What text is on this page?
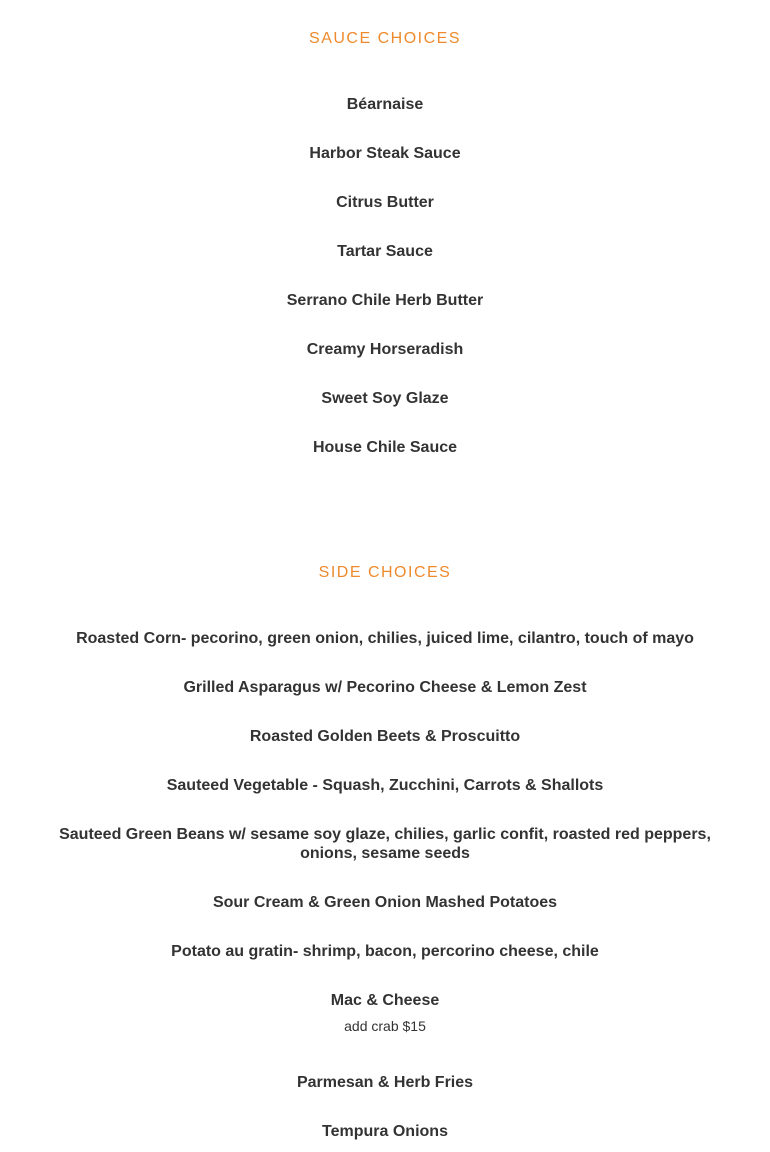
SAUCE CHOICES
Béarnaise
Harbor Steak Sauce
Citrus Butter
Tartar Sauce
Serrano Chile Herb Butter
Creamy Horseradish
Sweet Soy Glaze
House Chile Sauce
SIDE CHOICES
Roasted Corn- pecorino, green onion, chilies, juiced lime, cilantro, touch of mayo
Grilled Asparagus w/ Pecorino Cheese & Lemon Zest
Roasted Golden Beets & Proscuitto
Sauteed Vegetable - Squash, Zucchini, Carrots & Shallots
Sauteed Green Beans w/ sesame soy glaze, chilies, garlic confit, roasted red peppers, onions, sesame seeds
Sour Cream & Green Onion Mashed Potatoes
Potato au gratin- shrimp, bacon, percorino cheese, chile
Mac & Cheese
add crab $15
Parmesan & Herb Fries
Tempura Onions
